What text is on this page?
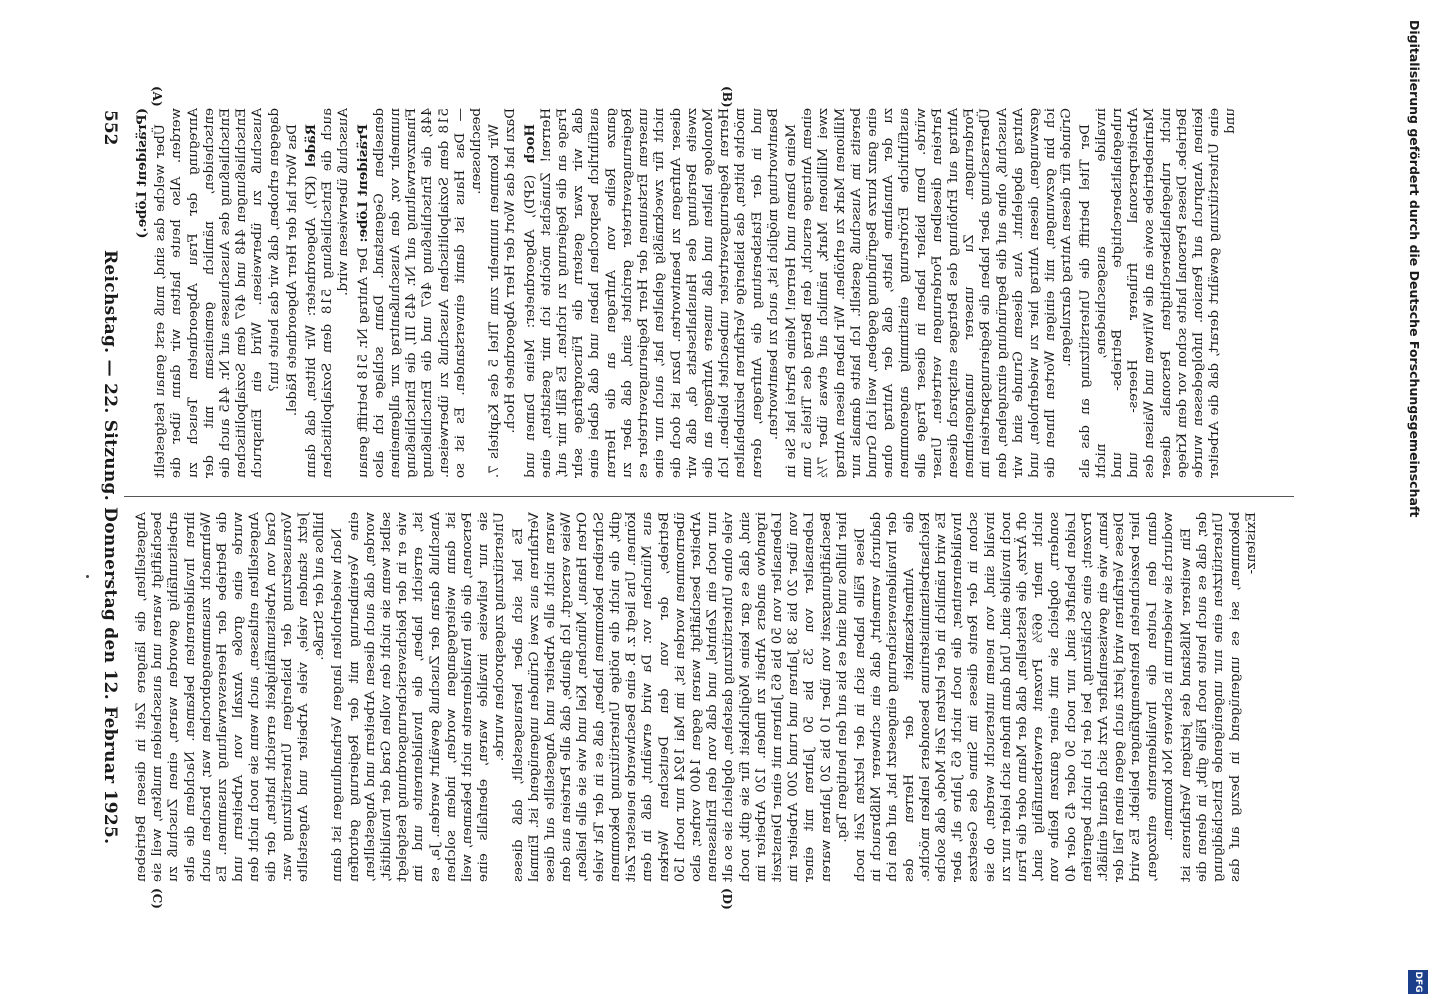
552
Reichstag. — 22. Sitzung. Donnerstag den 12. Februar 1925.
(A)	(B)
(C)	(D)

(Präsident Löbe.) Über welche das sind, muß erst genau festgestellt werden. Also heute hatten wir dann über die Anregung der Frau Abgeordneten Teusch zu entscheiden, nämlich gemeinsam mit der Entschließung des Ausschusses auf Nr. 445 auch die Entschließungen 448 und 467 dem Sozialpolitischen Ausschuß zu überweisen. Wird ein Einspruch dagegen erhoben, daß wir das heute tun? Das Wort hat der Herr Abgeordnete Rädel. Rädel (KP), Abgeordneter: Wir bitten, daß dann auch die Entschließung 518 dem Sozialpolitischen Ausschuß überwiesen wird. Präsident Löbe: Der Antrag Nr. 518 betrifft genau denselben Gegenstand. Dann schlage ich also nunmehr vor, den Ausschußantrag zur allgemeinen Finanzverwaltung auf Nr. 445 III, die Entschließung 448, die Entschließung 467 und die Entschließung 518 dem Sozialpolitischen Ausschuß zu überweisen. — Das Haus ist damit einverstanden. Es ist so beschlossen. Wir kommen nunmehr zum Titel 5 des Kapitels 7. Dazu hat das Wort der Herr Abgeordnete Hoch. Hoch (SPD), Abgeordneter: Meine Damen und Herren! Zunächst möchte ich mir gestatten, eine Frage an die Regierung zu richten. Es fällt mir auf, daß wir zwar gestern die Fürsorgefrage sehr ausführlich besprochen haben und daß dabei eine ganze Reihe von Anfragen an die Herren Regierungsvertreter gerichtet sind, daß aber zu unserem Erstaunen der Herr Regierungsvertreter es nicht für zweckmäßig gehalten hat, auch nur eine dieser Anfragen zu beantworten. Dazu ist doch die zweite Beratung des Haushaltsetats da, daß wir Monologe halten und daß unsere Anfragen an die Herren Regierungsvertreter unbeachtet bleiben. Ich möchte bitten, das bisherige Verfahren beizubehalten und in der Etatsberatung die Anfragen, deren Beantwortung möglich ist, auch zu beantworten. Meine Damen und Herren! Meine Partei hat Sie in einem Antrage ersucht, den Betrag des Titels 5 um zwei Millionen Mark, nämlich auf etwas über 7½ Millionen Mark zu erhöhen. Wir haben diesen Antrag bereits im Ausschuß gestellt. Ich hatte damals nur eine ganz kurze Begründung gegeben, weil ich Grund zu der Annahme hatte, daß der Antrag ohne ausführliche Erörterung einstimmig angenommen würde. Denn bisher haben in dieser Frage alle Parteien dieselben Forderungen vertreten. Unser Antrag auf Erhöhung des Betrages entsprach diesen Forderungen. Zu unserer unangenehmen Überraschung aber haben die Regierungsparteien im Ausschuß, ohne auf die Begründung einzugehen, den Antrag abgelehnt. Aus diesem Grunde sind wir gezwungen, diesen Antrag hier zu wiederholen, und ich bin gezwungen, mit einigen Worten Ihnen die Gründe für diesen Antrag darzulegen. Der Titel betrifft die Unterstützung an das als invalide ausgeschiedene, nicht ruhegehaltsberechtigte Betriebs- und Arbeiterpersonal früherer Heeres- und Marinebetriebe sowie an die Witwen und Waisen des nicht ruhegehaltsberechtigten Personals dieser Betriebe. Dieses Personal hatte schon vor dem Kriege keinen Anspruch auf Pension. Infolgedessen wurde eine Unterstützung gewährt derart, daß die Arbeiter und

Angestellten, die längere Zeit in diesen Betrieben beschäftigt waren und ausscheiden mußten, weil sie arbeitsunfähig geworden waren, einen Zuschuß zu ihren Invalidenrenten bekamen. Nachdem die alte Wehrmacht zusammengebrochen war, brachen auch die Betriebe der Heeresverwaltung zusammen. Es wurde eine große Anzahl von Arbeitern und Angestellten entlassen, auch wenn sie noch nicht den Grad von Arbeitsunfähigkeit erreicht hatten, der die Voraussetzung der bisherigen Unterstützung war. Jetzt standen viele, viele Arbeiter und Angestellte hilflos auf der Straße. Nach wiederholten langen Verhandlungen ist dann eine Vereinbarung mit der Regierung getroffen worden, daß auch diesen Arbeitern und Angestellten, selbst wenn sie nicht den vollen Grad der Invalidität, wie er in der Reichsversicherungsordnung festgelegt ist, erreicht haben, die Invalidenrente und im Anschluß daran der Zuschuß gewährt werden. Ja, es ist dann weitergegangen worden, indem solchen Personen, die die Invalidenrente nicht bekamen, weil sie nur teilweise invalide waren, ebenfalls eine Unterstützung zugesprochen wurde. Es hat sich aber herausgestellt, daß dieses Verfahren aus zwei Gründen ungenügend ist. Einmal waren nicht alle Arbeiter und Angestellte auf diese Weise versorgt. Ich glaube, daß alle Parteien aus den Orten Hanau, München, Kiel und wie sie alle heißen, Schreiben bekommen haben, daß es in der Tat viele gibt, die nicht die nötige Unterstützung bekommen können. Uns liegt z. B. eine Beschwerde neuester Zeit aus München vor. Da wird erwähnt, daß in dem Betriebe, der von den Deutschen Werken übernommen worden ist, im Mai 1924 nur noch 150 Arbeiter beschäftigt waren gegen 1400 vorher, also nur noch ein Zehntel, und daß von den Entlassenen viele ohne Unterstützung dastehen, obgleich sie so alt sind, daß es gar keine Möglichkeit für sie gibt, noch irgendwo anders Arbeit zu finden. 120 Arbeiter im Lebensalter von 50 bis 65 Jahren mit einer Dienstzeit von über 20 bis 38 Jahren und rund 200 Arbeiter im Lebensalter von 35 bis 50 Jahren mit einer Beschäftigungszeit von über 10 bis 20 Jahren waren hier hilflos und sind es bis auf den heutigen Tag. Diese Fälle haben sich in der letzten Zeit noch dadurch vermehrt, daß ein schwerer Mißbrauch in der Invalidenversicherung eingesetzt hat, auf den ich die Aufmerksamkeit der Herren des Reichsarbeitsministeriums besonders lenken möchte. Es wird nämlich in der letzten Zeit Mode, daß solche Invalidenrentner, die noch nicht 65 Jahre alt, aber schon in der Rente dieses im Sinne des Gesetzes invalid sind, von neuem untersucht werden, ob sie noch invalide sind. Und dann finden sich leider nur zu oft Ärzte, die feststellen, daß der Mann oder die Frau nicht mehr 66⅔ Prozent erwerbsunfähig sind, sondern, obgleich sie mit einer ganzen Reihe von Leiden behaftet sind, nur noch 50 oder 45 oder 40 Prozent; eine Schätzung, bei der ich nicht begreifen kann, wie ein gewissenhafter Arzt sich darauf einläßt. Dieses Verfahren wird jetzt auch gegen einen Teil der hier bezeichneten Rentenempfänger beliebt. Es wird dann den Leuten die Invalidenrente entzogen, wodurch sie wiederum in schwere Not kommen. Ein weiterer Mißstand des jetzigen Verfahrens ist der, daß es auch heute noch Fälle gibt, in denen die Unterstützten eine nur ungenügende Entschädigung bekommen, sei es ungenügend in bezug auf das Existenz-

Digitalisierung gefördert durch die Deutsche Forschungsgemeinschaft
DFG
